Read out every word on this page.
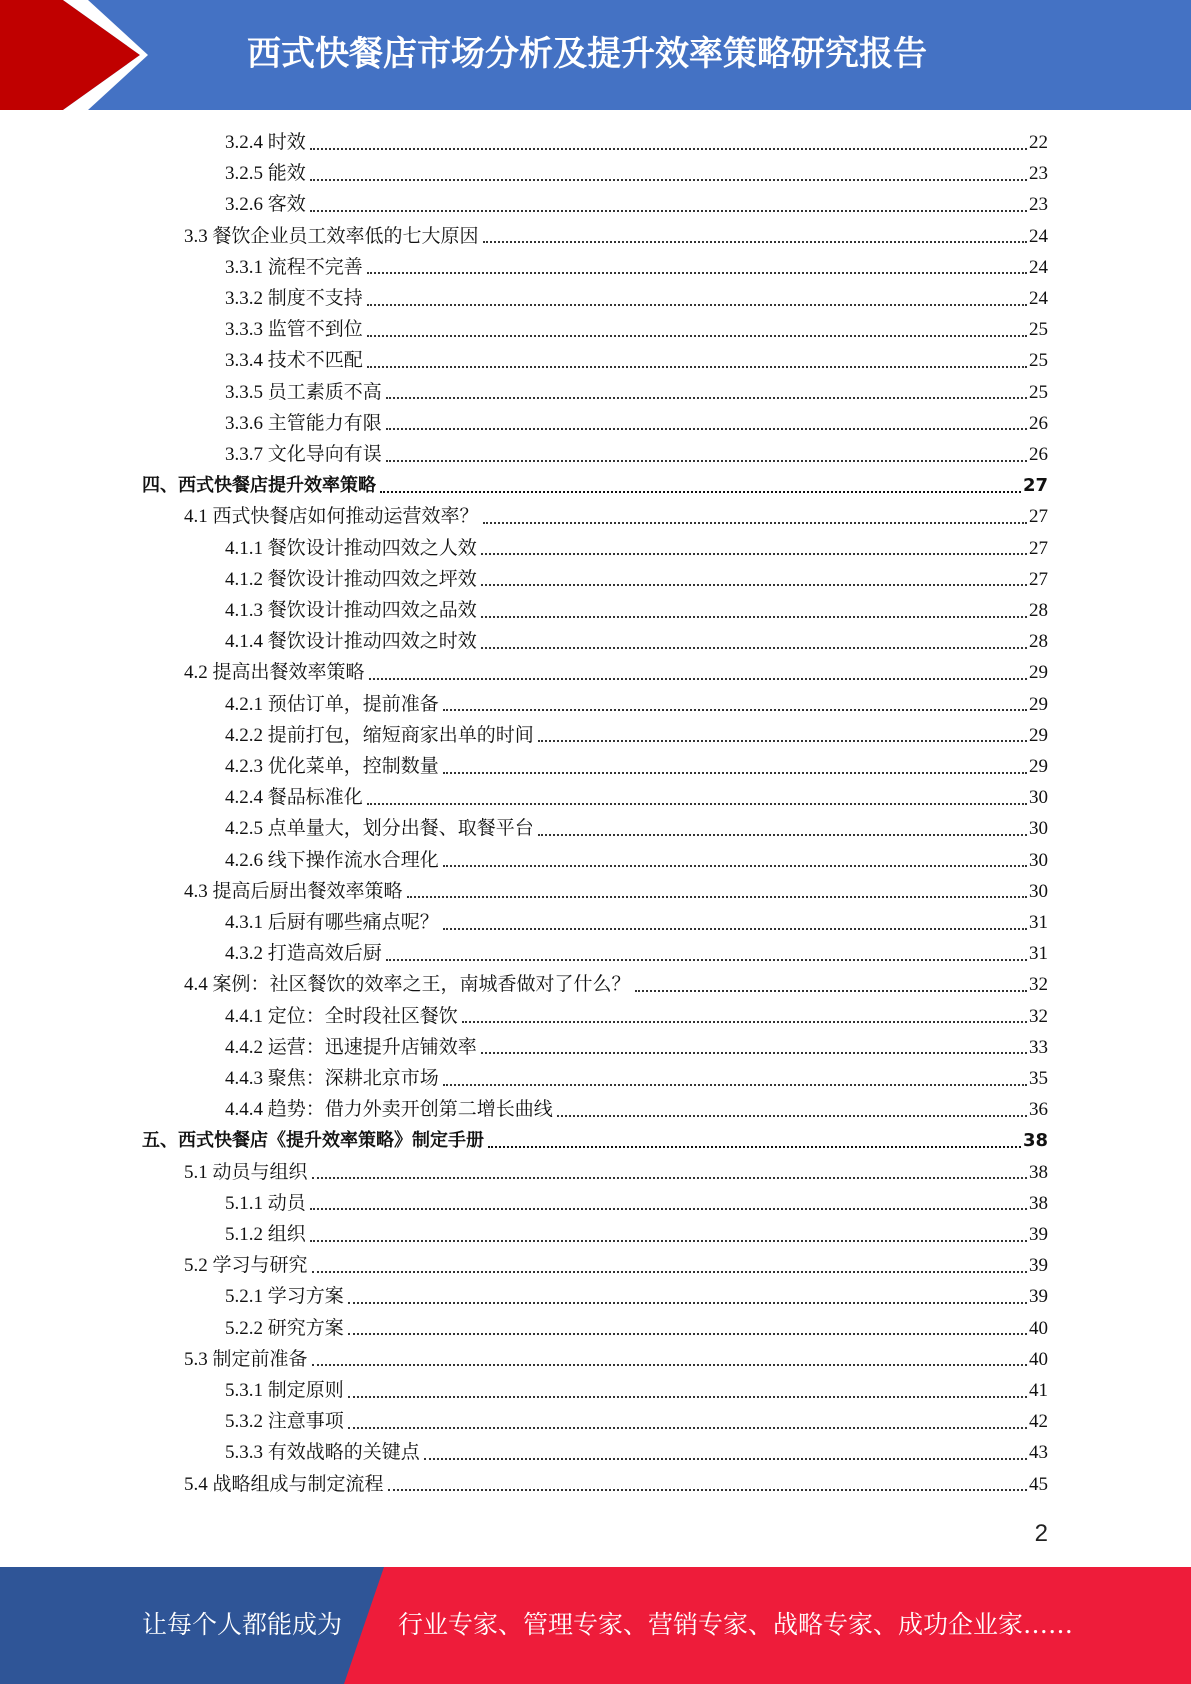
西式快餐店市场分析及提升效率策略研究报告
3.2.4 时效	22
3.2.5 能效	23
3.2.6 客效	23
3.3 餐饮企业员工效率低的七大原因	24
3.3.1 流程不完善	24
3.3.2 制度不支持	24
3.3.3 监管不到位	25
3.3.4 技术不匹配	25
3.3.5 员工素质不高	25
3.3.6 主管能力有限	26
3.3.7 文化导向有误	26
四、西式快餐店提升效率策略	27
4.1 西式快餐店如何推动运营效率？	27
4.1.1 餐饮设计推动四效之人效	27
4.1.2 餐饮设计推动四效之坪效	27
4.1.3 餐饮设计推动四效之品效	28
4.1.4 餐饮设计推动四效之时效	28
4.2 提高出餐效率策略	29
4.2.1 预估订单，提前准备	29
4.2.2 提前打包，缩短商家出单的时间	29
4.2.3 优化菜单，控制数量	29
4.2.4 餐品标准化	30
4.2.5 点单量大，划分出餐、取餐平台	30
4.2.6 线下操作流水合理化	30
4.3 提高后厨出餐效率策略	30
4.3.1 后厨有哪些痛点呢？	31
4.3.2 打造高效后厨	31
4.4 案例：社区餐饮的效率之王，南城香做对了什么？	32
4.4.1 定位：全时段社区餐饮	32
4.4.2 运营：迅速提升店铺效率	33
4.4.3 聚焦：深耕北京市场	35
4.4.4 趋势：借力外卖开创第二增长曲线	36
五、西式快餐店《提升效率策略》制定手册	38
5.1 动员与组织	38
5.1.1 动员	38
5.1.2 组织	39
5.2 学习与研究	39
5.2.1 学习方案	39
5.2.2 研究方案	40
5.3 制定前准备	40
5.3.1 制定原则	41
5.3.2 注意事项	42
5.3.3 有效战略的关键点	43
5.4 战略组成与制定流程	45
2
让每个人都能成为 行业专家、管理专家、营销专家、战略专家、成功企业家……
